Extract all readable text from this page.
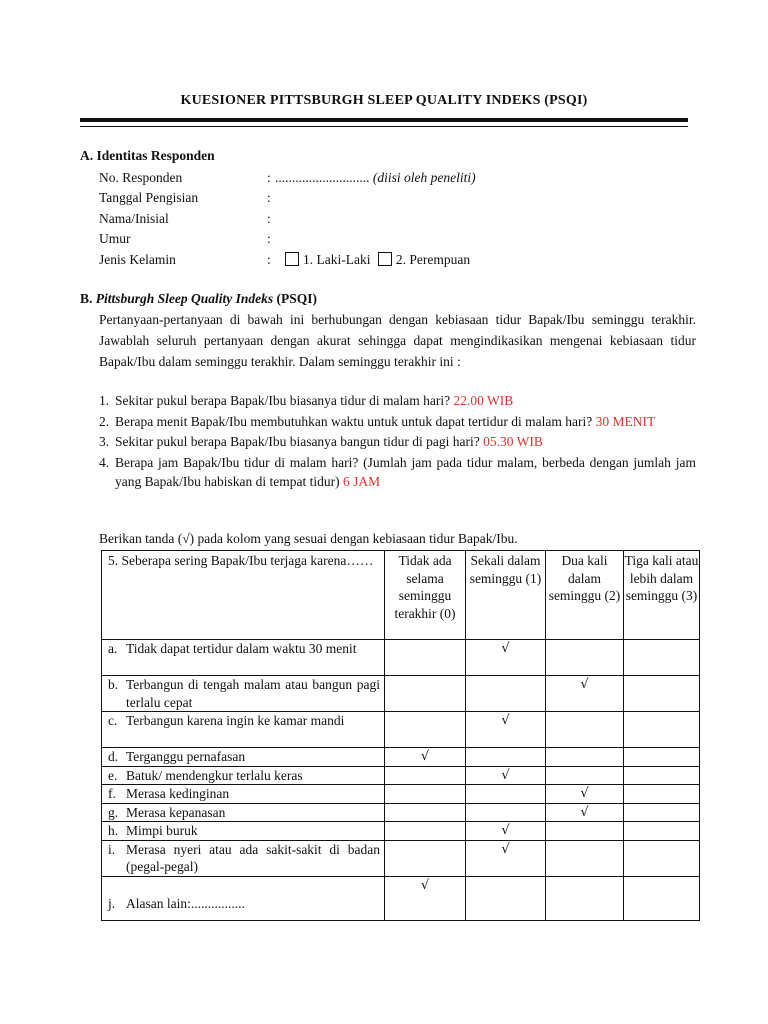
KUESIONER PITTSBURGH SLEEP QUALITY INDEKS (PSQI)
A. Identitas Responden
No. Responden	: ............................ (diisi oleh peneliti)
Tanggal Pengisian	:
Nama/Inisial	:
Umur	:
Jenis Kelamin	:	1. Laki-Laki 2. Perempuan
B. Pittsburgh Sleep Quality Indeks (PSQI)
Pertanyaan-pertanyaan di bawah ini berhubungan dengan kebiasaan tidur Bapak/Ibu seminggu terakhir. Jawablah seluruh pertanyaan dengan akurat sehingga dapat mengindikasikan mengenai kebiasaan tidur Bapak/Ibu dalam seminggu terakhir. Dalam seminggu terakhir ini :
1. Sekitar pukul berapa Bapak/Ibu biasanya tidur di malam hari? 22.00 WIB
2. Berapa menit Bapak/Ibu membutuhkan waktu untuk untuk dapat tertidur di malam hari? 30 MENIT
3. Sekitar pukul berapa Bapak/Ibu biasanya bangun tidur di pagi hari? 05.30 WIB
4. Berapa jam Bapak/Ibu tidur di malam hari? (Jumlah jam pada tidur malam, berbeda dengan jumlah jam yang Bapak/Ibu habiskan di tempat tidur) 6 JAM
Berikan tanda (√) pada kolom yang sesuai dengan kebiasaan tidur Bapak/Ibu.
5. Seberapa sering Bapak/Ibu terjaga karena……	Tidak ada selama seminggu terakhir (0)	Sekali dalam seminggu (1)	Dua kali dalam seminggu (2)	Tiga kali atau lebih dalam seminggu (3)

a. Tidak dapat tertidur dalam waktu 30 menit		√		

b. Terbangun di tengah malam atau bangun pagi terlalu cepat			√	

c. Terbangun karena ingin ke kamar mandi		√		

d. Terganggu pernafasan	√			

e. Batuk/ mendengkur terlalu keras		√		

f. Merasa kedinginan			√	

g. Merasa kepanasan			√	

h. Mimpi buruk		√		

i. Merasa nyeri atau ada sakit-sakit di badan (pegal-pegal)		√		

j. Alasan lain:................	√			
